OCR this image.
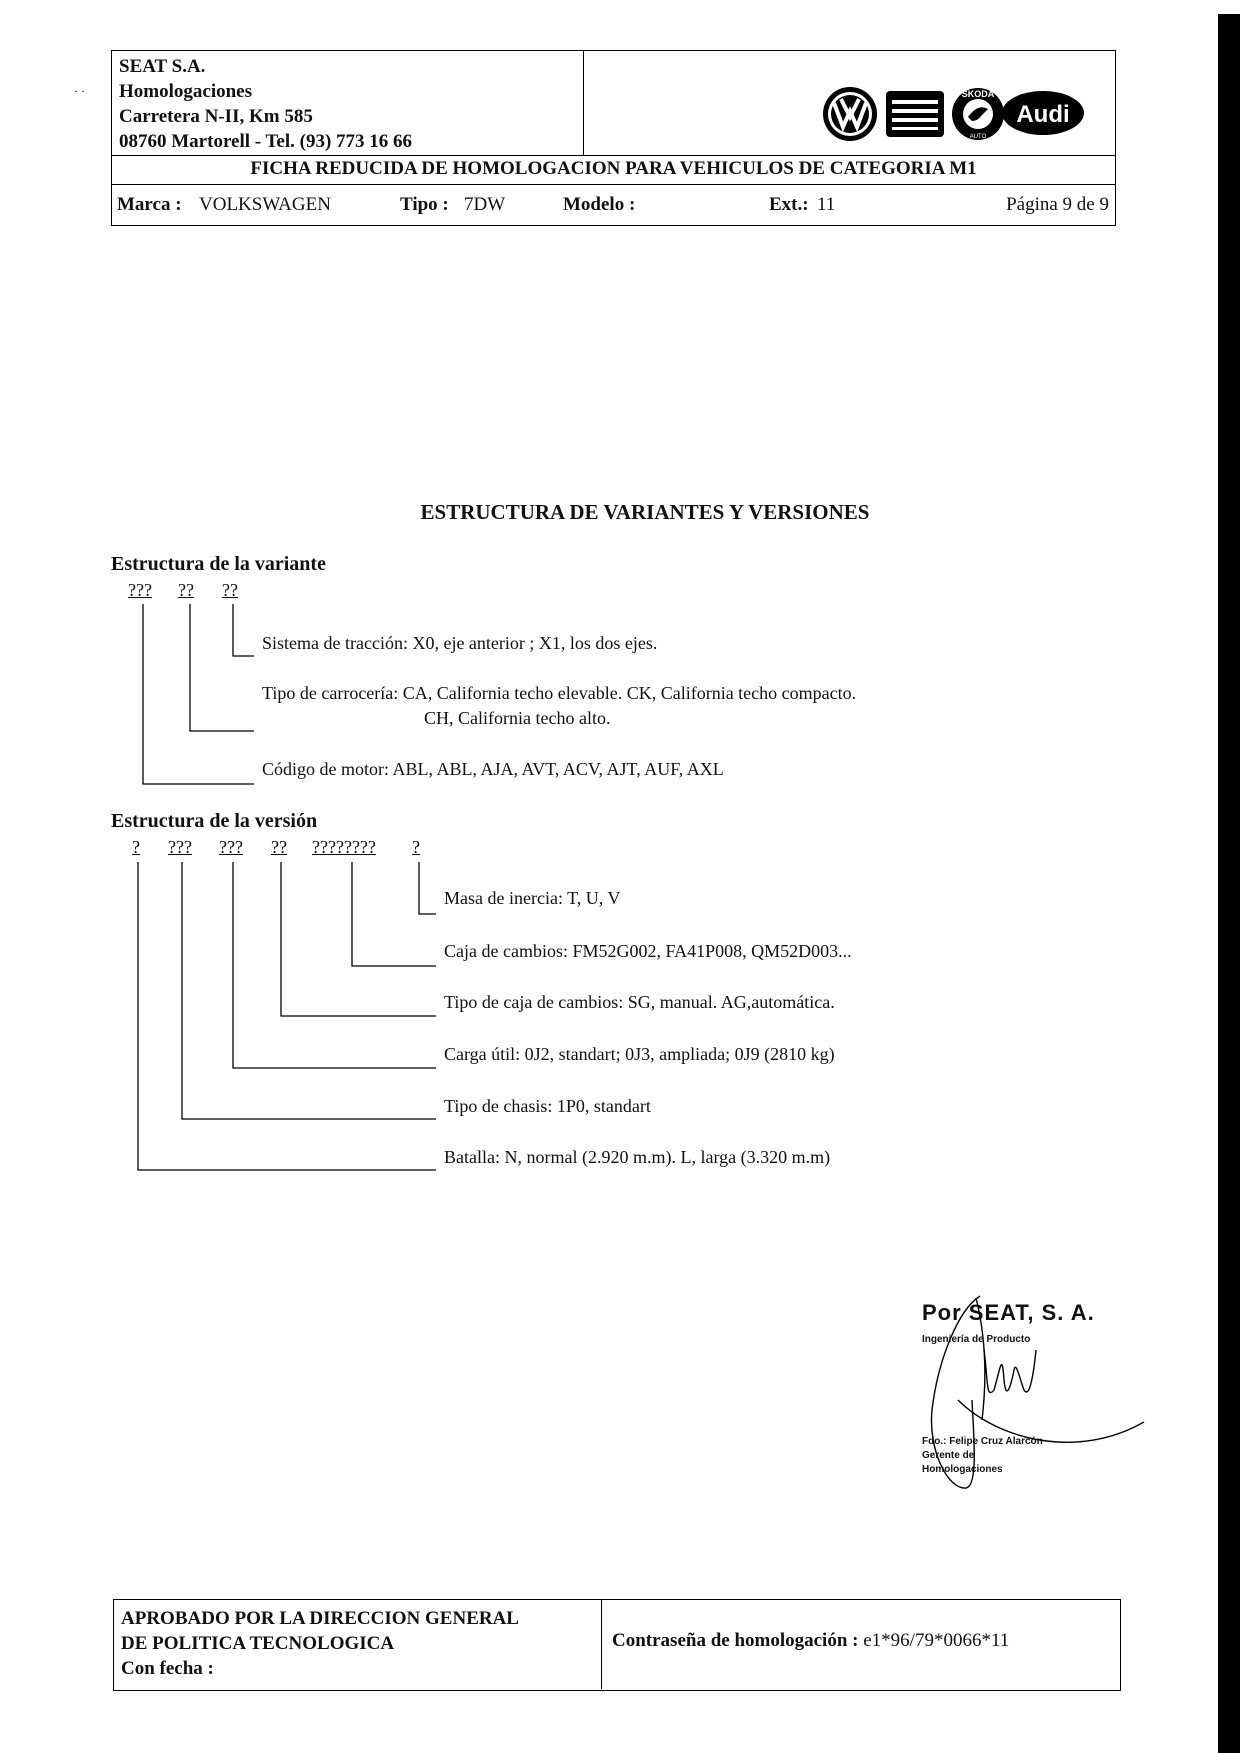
· ·
SEAT S.A.
Homologaciones
Carretera N-II, Km 585
08760 Martorell - Tel. (93) 773 16 66
ŠKODA
AUTO
Audi
FICHA REDUCIDA DE HOMOLOGACION PARA VEHICULOS DE CATEGORIA M1
Marca : VOLKSWAGEN	Tipo : 7DW	Modelo :	Ext.: 11	Página 9 de 9
ESTRUCTURA DE VARIANTES Y VERSIONES
Estructura de la variante
??? ?? ??
Sistema de tracción: X0, eje anterior ; X1, los dos ejes.
Tipo de carrocería: CA, California techo elevable. CK, California techo compacto.
CH, California techo alto.
Código de motor: ABL, ABL, AJA, AVT, ACV, AJT, AUF, AXL
Estructura de la versión
? ??? ??? ?? ???????? ?
Masa de inercia: T, U, V
Caja de cambios: FM52G002, FA41P008, QM52D003...
Tipo de caja de cambios: SG, manual. AG,automática.
Carga útil: 0J2, standart; 0J3, ampliada; 0J9 (2810 kg)
Tipo de chasis: 1P0, standart
Batalla: N, normal (2.920 m.m). L, larga (3.320 m.m)
Por SEAT, S. A.
Ingeniería de Producto
Fdo.: Felipe Cruz Alarcón
Gerente de
Homologaciones
APROBADO POR LA DIRECCION GENERAL
DE POLITICA TECNOLOGICA
Con fecha :
Contraseña de homologación : e1*96/79*0066*11
